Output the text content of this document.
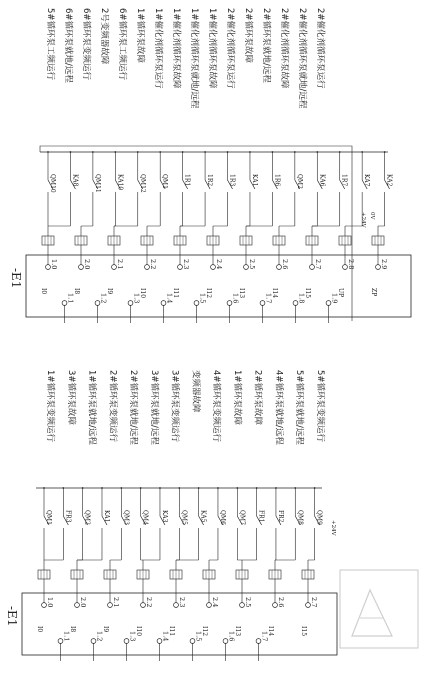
-E1
1.0	2.0	2.1	2.2	2.3	2.4	2.5	2.6	2.7	2.8	2.9
1.1	1.2	1.3	1.4	1.5	1.6	1.7	1.8	1.9
I0	I8	I9	I10	I11	I12	I13	I14	I15	UP	ZP
QM10	KA8	QM11	KA10	QM12	QM1	1R1	1R2	1R3	KA1	1R6	QM2	KA6	1R7	KA7	KA2
+24V 0V
5#循环泵工频运行 6#循环泵就地/远程 6#循环泵变频运行 2号变频器故障 6#循环泵工频运行 1#循环泵故障 1#催化剂循环泵运行 1#催化剂循环泵故障 1#催化剂循环泵就地/远程 1#催化剂循环泵故障 2#催化剂循环泵运行 2#循环泵故障 2#循环泵就地/远程 2#催化剂循环泵故障 2#催化剂循环泵就地/远程 2#催化剂循环泵运行
-E1
1.0	2.0	2.1	2.2	2.3	2.4	2.5	2.6	2.7
1.1	1.2	1.3	1.4	1.5	1.6	1.7
I0	I8	I9	I10	I11	I12	I13	I14	I15
QM1 FR3 QM2 KA1 QM3 QM4 KA3 QM5 KA5 QM6 QM7 FR1 FR2 QM8 QM9
+24V
1#循环泵变频运行 3#循环泵故障 1#循环泵就地/远程 2#循环泵变频运行 2#循环泵就地/远程 3#循环泵就地/远程 3#循环泵变频运行 变频器故障 4#循环泵变频运行 1#循环泵故障 2#循环泵故障 4#循环泵就地/远程 5#循环泵就地/远程 5#循环泵变频运行
